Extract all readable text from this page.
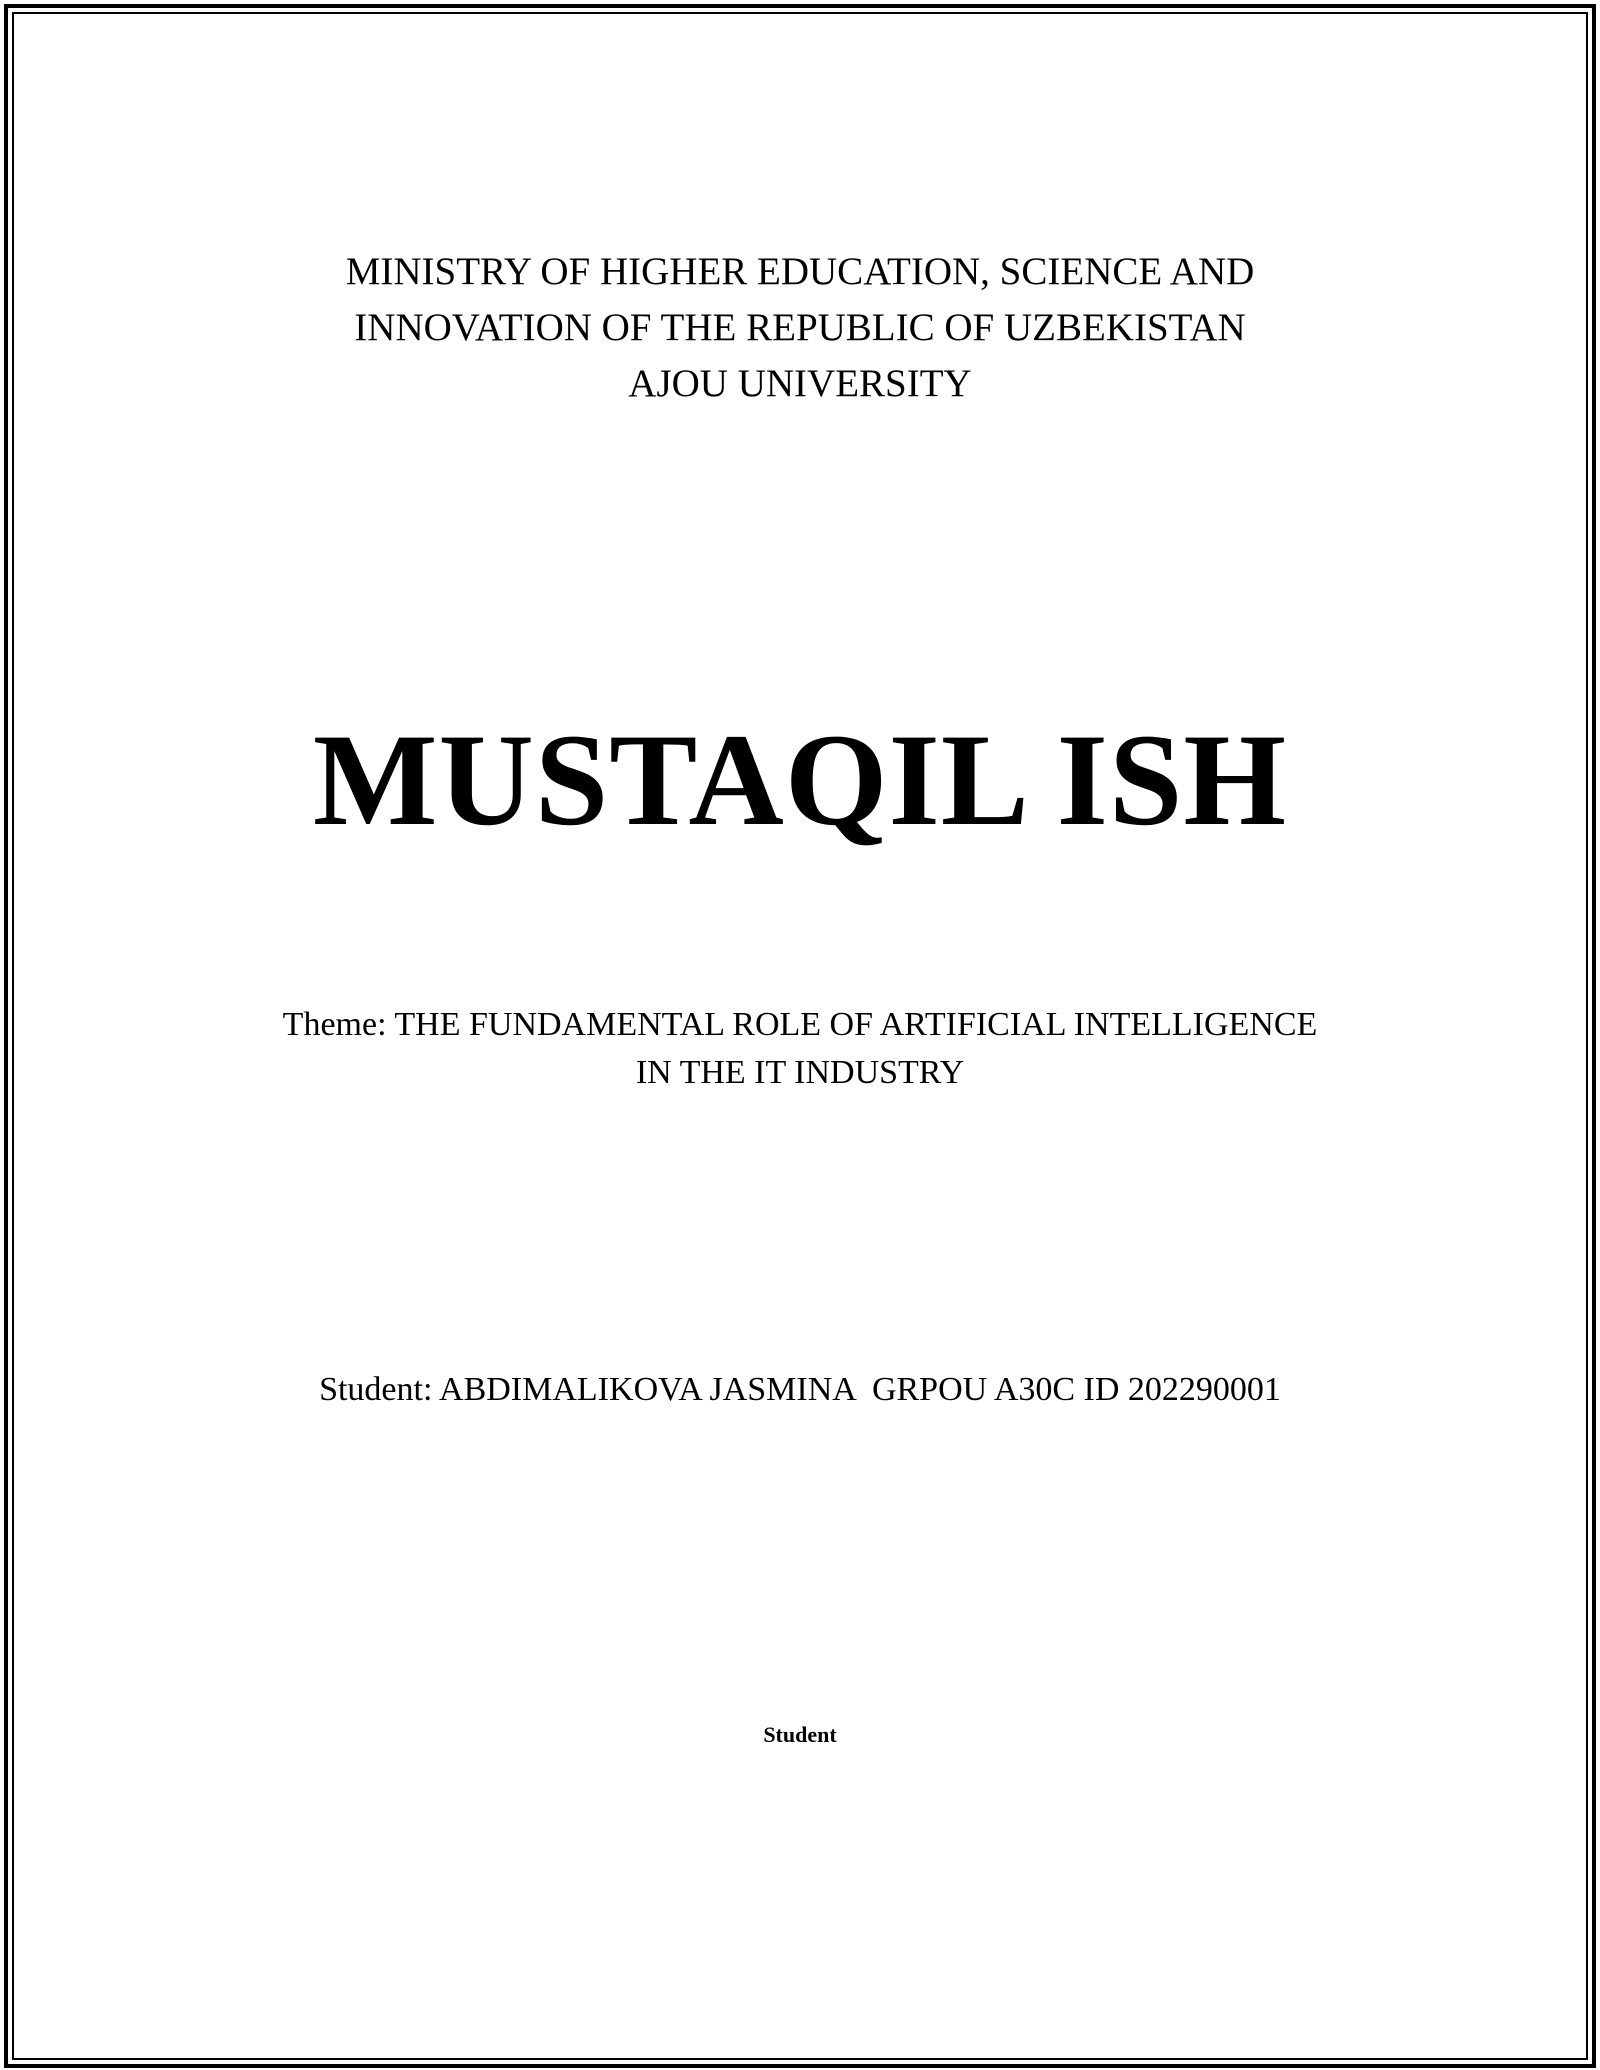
MINISTRY OF HIGHER EDUCATION, SCIENCE AND
INNOVATION OF THE REPUBLIC OF UZBEKISTAN
AJOU UNIVERSITY
MUSTAQIL ISH
Theme: THE FUNDAMENTAL ROLE OF ARTIFICIAL INTELLIGENCE
IN THE IT INDUSTRY
Student: ABDIMALIKOVA JASMINA  GRPOU A30C ID 202290001
Student
